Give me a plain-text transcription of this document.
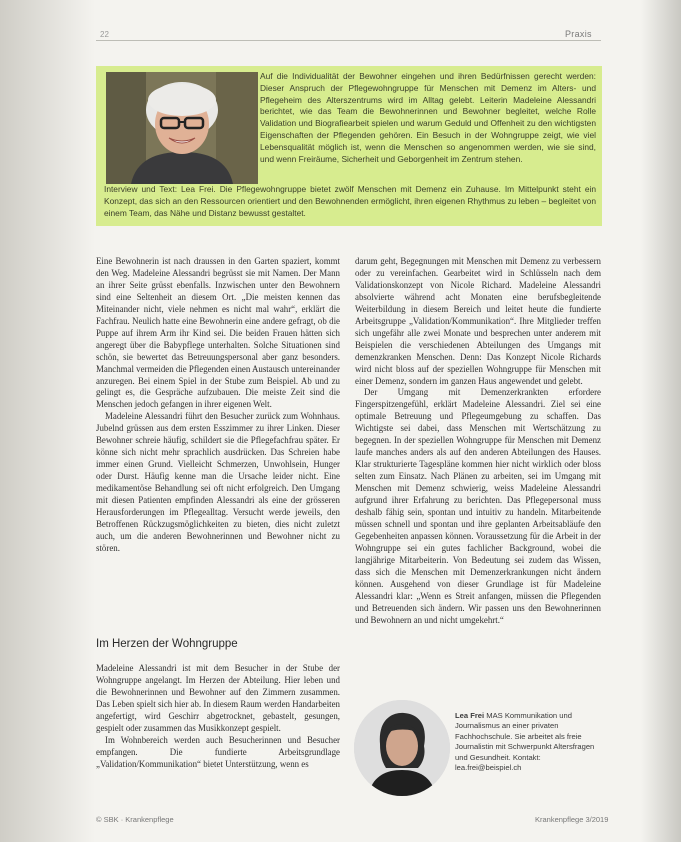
22	Praxis
Auf die Individualität der Bewohner eingehen und ihren Bedürfnissen gerecht werden: Dieser Anspruch der Pflegewohngruppe für Menschen mit Demenz im Alters- und Pflegeheim des Alterszentrums wird im Alltag gelebt. Leiterin Madeleine Alessandri berichtet, wie das Team die Bewohnerinnen und Bewohner begleitet, welche Rolle Validation und Biografiearbeit spielen und warum Geduld und Offenheit zu den wichtigsten Eigenschaften der Pflegenden gehören. Ein Besuch in der Wohngruppe zeigt, wie viel Lebensqualität möglich ist, wenn die Menschen so angenommen werden, wie sie sind, und wenn Freiräume, Sicherheit und Geborgenheit im Zentrum stehen.
Interview und Text: Lea Frei. Die Pflegewohngruppe bietet zwölf Menschen mit Demenz ein Zuhause. Im Mittelpunkt steht ein Konzept, das sich an den Ressourcen orientiert und den Bewohnenden ermöglicht, ihren eigenen Rhythmus zu leben – begleitet von einem Team, das Nähe und Distanz bewusst gestaltet.

Eine Bewohnerin ist nach draussen in den Garten spaziert, kommt den Weg. Madeleine Alessandri begrüsst sie mit Namen. Der Mann an ihrer Seite grüsst ebenfalls. Inzwischen unter den Bewohnern sind eine Seltenheit an diesem Ort. „Die meisten kennen das Miteinander nicht, viele nehmen es nicht mal wahr“, erklärt die Fachfrau. Neulich hatte eine Bewohnerin eine andere gefragt, ob die Puppe auf ihrem Arm ihr Kind sei. Die beiden Frauen hätten sich angeregt über die Babypflege unterhalten. Solche Situationen sind schön, sie bewertet das Betreuungspersonal aber ganz besonders. Manchmal vermeiden die Pflegenden einen Austausch untereinander anzuregen. Bei einem Spiel in der Stube zum Beispiel. Ab und zu gelingt es, die Gespräche aufzubauen. Die meiste Zeit sind die Menschen jedoch gefangen in ihrer eigenen Welt.

Madeleine Alessandri führt den Besucher zurück zum Wohnhaus. Jubelnd grüssen aus dem ersten Esszimmer zu ihrer Linken. Dieser Bewohner schreie häufig, schildert sie die Pflegefachfrau später. Er könne sich nicht mehr sprachlich ausdrücken. Das Schreien habe immer einen Grund. Vielleicht Schmerzen, Unwohlsein, Hunger oder Durst. Häufig kenne man die Ursache leider nicht. Eine medikamentöse Behandlung sei oft nicht erfolgreich. Den Umgang mit diesen Patienten empfinden Alessandri als eine der grösseren Herausforderungen im Pflegealltag. Versucht werde jeweils, den Betroffenen Rückzugsmöglichkeiten zu bieten, dies nicht zuletzt auch, um die anderen Bewohnerinnen und Bewohner nicht zu stören.

Im Herzen der Wohngruppe

Madeleine Alessandri ist mit dem Besucher in der Stube der Wohngruppe angelangt. Im Herzen der Abteilung. Hier leben und die Bewohnerinnen und Bewohner auf den Zimmern zusammen. Das Leben spielt sich hier ab. In diesem Raum werden Handarbeiten angefertigt, wird Geschirr abgetrocknet, gebastelt, gesungen, gespielt oder zusammen das Musikkonzept gespielt.

Im Wohnbereich werden auch Besucherinnen und Besucher empfangen. Die fundierte Arbeitsgrundlage „Validation/Kommunikation“ bietet Unterstützung, wenn es

darum geht, Begegnungen mit Menschen mit Demenz zu verbessern oder zu vereinfachen. Gearbeitet wird in Schlüsseln nach dem Validationskonzept von Nicole Richard. Madeleine Alessandri absolvierte während acht Monaten eine berufsbegleitende Weiterbildung in diesem Bereich und leitet heute die fundierte Arbeitsgruppe „Validation/Kommunikation“. Ihre Mitglieder treffen sich ungefähr alle zwei Monate und besprechen unter anderem mit Beispielen die verschiedenen Abteilungen des Umgangs mit demenzkranken Menschen. Denn: Das Konzept Nicole Richards wird nicht bloss auf der speziellen Wohngruppe für Menschen mit einer Demenz, sondern im ganzen Haus angewendet und gelebt.

Der Umgang mit Demenzerkrankten erfordere Fingerspitzengefühl, erklärt Madeleine Alessandri. Ziel sei eine optimale Betreuung und Pflegeumgebung zu schaffen. Das Wichtigste sei dabei, dass Menschen mit Wertschätzung zu begegnen. In der speziellen Wohngruppe für Menschen mit Demenz laufe manches anders als auf den anderen Abteilungen des Hauses. Klar strukturierte Tagespläne kommen hier nicht wirklich oder bloss selten zum Einsatz. Nach Plänen zu arbeiten, sei im Umgang mit Menschen mit Demenz schwierig, weiss Madeleine Alessandri aufgrund ihrer Erfahrung zu berichten. Das Pflegepersonal muss deshalb fähig sein, spontan und intuitiv zu handeln. Mitarbeitende müssen schnell und spontan und ihre geplanten Arbeitsabläufe den Gegebenheiten anpassen können. Voraussetzung für die Arbeit in der Wohngruppe sei ein gutes fachlicher Background, wobei die langjährige Mitarbeiterin. Von Bedeutung sei zudem das Wissen, dass sich die Menschen mit Demenzerkrankungen nicht ändern können. Ausgehend von dieser Grundlage ist für Madeleine Alessandri klar: „Wenn es Streit anfangen, müssen die Pflegenden und Betreuenden sich ändern. Wir passen uns den Bewohnerinnen und Bewohnern an und nicht umgekehrt.“

Lea Frei MAS Kommunikation und Journalismus an einer privaten Fachhochschule. Sie arbeitet als freie Journalistin mit Schwerpunkt Altersfragen und Gesundheit. Kontakt: lea.frei@beispiel.ch
© SBK · Krankenpflege	Krankenpflege 3/2019
